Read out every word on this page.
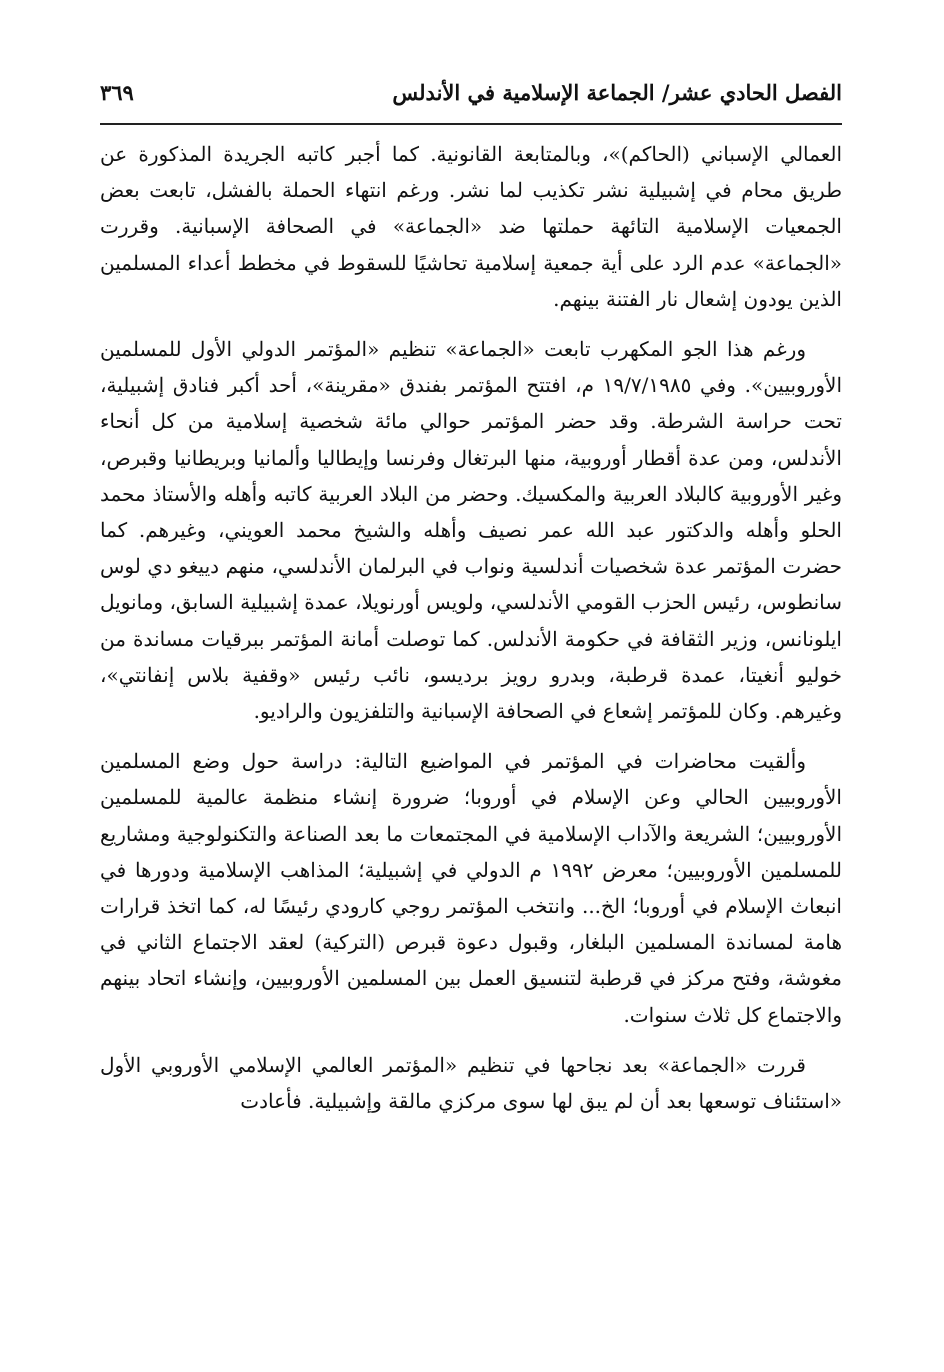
الفصل الحادي عشر/ الجماعة الإسلامية في الأندلس
٣٦٩

العمالي الإسباني (الحاكم)»، وبالمتابعة القانونية. كما أجبر كاتبه الجريدة المذكورة عن طريق محام في إشبيلية نشر تكذيب لما نشر. ورغم انتهاء الحملة بالفشل، تابعت بعض الجمعيات الإسلامية التائهة حملتها ضد «الجماعة» في الصحافة الإسبانية. وقررت «الجماعة» عدم الرد على أية جمعية إسلامية تحاشيًا للسقوط في مخطط أعداء المسلمين الذين يودون إشعال نار الفتنة بينهم.

ورغم هذا الجو المكهرب تابعت «الجماعة» تنظيم «المؤتمر الدولي الأول للمسلمين الأوروبيين». وفي ١٩/٧/١٩٨٥ م، افتتح المؤتمر بفندق «مقرينة»، أحد أكبر فنادق إشبيلية، تحت حراسة الشرطة. وقد حضر المؤتمر حوالي مائة شخصية إسلامية من كل أنحاء الأندلس، ومن عدة أقطار أوروبية، منها البرتغال وفرنسا وإيطاليا وألمانيا وبريطانيا وقبرص، وغير الأوروبية كالبلاد العربية والمكسيك. وحضر من البلاد العربية كاتبه وأهله والأستاذ محمد الحلو وأهله والدكتور عبد الله عمر نصيف وأهله والشيخ محمد العويني، وغيرهم. كما حضرت المؤتمر عدة شخصيات أندلسية ونواب في البرلمان الأندلسي، منهم دييغو دي لوس سانطوس، رئيس الحزب القومي الأندلسي، ولويس أورنويلا، عمدة إشبيلية السابق، ومانويل ايلونانس، وزير الثقافة في حكومة الأندلس. كما توصلت أمانة المؤتمر ببرقيات مساندة من خوليو أنغيتا، عمدة قرطبة، وبدرو رويز برديسو، نائب رئيس «وقفية بلاس إنفانتي»، وغيرهم. وكان للمؤتمر إشعاع في الصحافة الإسبانية والتلفزيون والراديو.

وألقيت محاضرات في المؤتمر في المواضيع التالية: دراسة حول وضع المسلمين الأوروبيين الحالي وعن الإسلام في أوروبا؛ ضرورة إنشاء منظمة عالمية للمسلمين الأوروبيين؛ الشريعة والآداب الإسلامية في المجتمعات ما بعد الصناعة والتكنولوجية ومشاريع للمسلمين الأوروبيين؛ معرض ١٩٩٢ م الدولي في إشبيلية؛ المذاهب الإسلامية ودورها في انبعاث الإسلام في أوروبا؛ الخ... وانتخب المؤتمر روجي كارودي رئيسًا له، كما اتخذ قرارات هامة لمساندة المسلمين البلغار، وقبول دعوة قبرص (التركية) لعقد الاجتماع الثاني في مغوشة، وفتح مركز في قرطبة لتنسيق العمل بين المسلمين الأوروبيين، وإنشاء اتحاد بينهم والاجتماع كل ثلاث سنوات.

قررت «الجماعة» بعد نجاحها في تنظيم «المؤتمر العالمي الإسلامي الأوروبي الأول «استئناف توسعها بعد أن لم يبق لها سوى مركزي مالقة وإشبيلية. فأعادت
